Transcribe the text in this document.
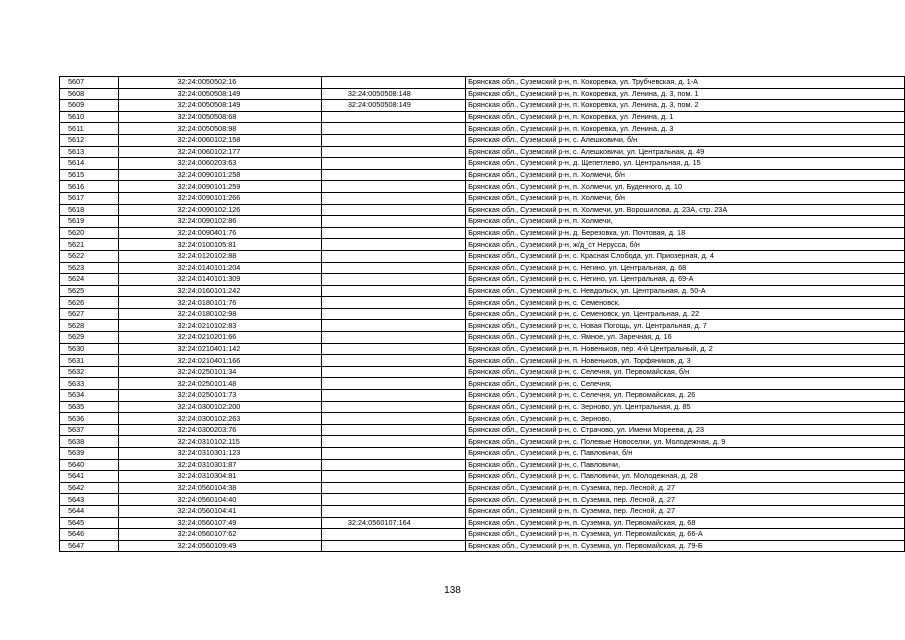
5607	32:24:0050502:16		Брянская обл., Суземский р-н, п. Кокоревка, ул. Трубчевская, д. 1-А
5608	32:24:0050508:149	32:24:0050508:148	Брянская обл., Суземский р-н, п. Кокоревка, ул. Ленина, д. 3, пом. 1
5609	32:24:0050508:149	32:24:0050508:149	Брянская обл., Суземский р-н, п. Кокоревка, ул. Ленина, д. 3, пом. 2
5610	32:24:0050508:68		Брянская обл., Суземский р-н, п. Кокоревка, ул. Ленина, д. 1
5611	32:24:0050508:98		Брянская обл., Суземский р-н, п. Кокоревка, ул. Ленина, д. 3
5612	32:24:0060102:158		Брянская обл., Суземский р-н, с. Алешковичи, б/н
5613	32:24:0060102:177		Брянская обл., Суземский р-н, с. Алешковичи, ул. Центральная, д. 49
5614	32:24:0060203:63		Брянская обл., Суземский р-н, д. Щепетлево, ул. Центральная, д. 15
5615	32:24:0090101:258		Брянская обл., Суземский р-н, п. Холмечи, б/н
5616	32:24:0090101:259		Брянская обл., Суземский р-н, п. Холмечи, ул. Буденного, д. 10
5617	32:24:0090101:266		Брянская обл., Суземский р-н, п. Холмечи, б/н
5618	32:24:0090102:126		Брянская обл., Суземский р-н, п. Холмечи, ул. Ворошилова, д. 23А, стр. 23А
5619	32:24:0090102:86		Брянская обл., Суземский р-н, п. Холмечи,
5620	32:24:0090401:76		Брянская обл., Суземский р-н, д. Березовка, ул. Почтовая, д. 18
5621	32:24:0100105:81		Брянская обл., Суземский р-н, ж/д_ст Нерусса, б/н
5622	32:24:0120102:88		Брянская обл., Суземский р-н, с. Красная Слобода, ул. Приозерная, д. 4
5623	32:24:0140101:204		Брянская обл., Суземский р-н, с. Негино, ул. Центральная, д. 68
5624	32:24:0140101:309		Брянская обл., Суземский р-н, с. Негино, ул. Центральная, д. 69-А
5625	32:24:0160101:242		Брянская обл., Суземский р-н, с. Невдольск, ул. Центральная, д. 50-А
5626	32:24:0180101:76		Брянская обл., Суземский р-н, с. Семеновск,
5627	32:24:0180102:98		Брянская обл., Суземский р-н, с. Семеновск, ул. Центральная, д. 22
5628	32:24:0210102:83		Брянская обл., Суземский р-н, с. Новая Погощь, ул. Центральная, д. 7
5629	32:24:0210201:66		Брянская обл., Суземский р-н, с. Ямное, ул. Заречная, д. 16
5630	32:24:0210401:142		Брянская обл., Суземский р-н, п. Новеньков, пер. 4-й Центральный, д. 2
5631	32:24:0210401:166		Брянская обл., Суземский р-н, п. Новеньков, ул. Торфяников, д. 3
5632	32:24:0250101:34		Брянская обл., Суземский р-н, с. Селечня, ул. Первомайская, б/н
5633	32:24:0250101:48		Брянская обл., Суземский р-н, с. Селечня,
5634	32:24:0250101:73		Брянская обл., Суземский р-н, с. Селечня, ул. Первомайская, д. 26
5635	32:24:0300102:200		Брянская обл., Суземский р-н, с. Зерново, ул. Центральная, д. 85
5636	32:24:0300102:263		Брянская обл., Суземский р-н, с. Зерново,
5637	32:24:0300203:76		Брянская обл., Суземский р-н, с. Страчово, ул. Имени Мореева, д. 23
5638	32:24:0310102:115		Брянская обл., Суземский р-н, с. Полевые Новоселки, ул. Молодежная, д. 9
5639	32:24:0310301:123		Брянская обл., Суземский р-н, с. Павловичи, б/н
5640	32:24:0310301:87		Брянская обл., Суземский р-н, с. Павловичи,
5641	32:24:0310304:81		Брянская обл., Суземский р-н, с. Павловичи, ул. Молодежная, д. 28
5642	32:24:0560104:38		Брянская обл., Суземский р-н, п. Суземка, пер. Лесной, д. 27
5643	32:24:0560104:40		Брянская обл., Суземский р-н, п. Суземка, пер. Лесной, д. 27
5644	32:24:0560104:41		Брянская обл., Суземский р-н, п. Суземка, пер. Лесной, д. 27
5645	32:24:0560107:49	32:24:0560107:164	Брянская обл., Суземский р-н, п. Суземка, ул. Первомайская, д. 68
5646	32:24:0560107:62		Брянская обл., Суземский р-н, п. Суземка, ул. Первомайская, д. 66-А
5647	32:24:0560109:49		Брянская обл., Суземский р-н, п. Суземка, ул. Первомайская, д. 79-Б
138
